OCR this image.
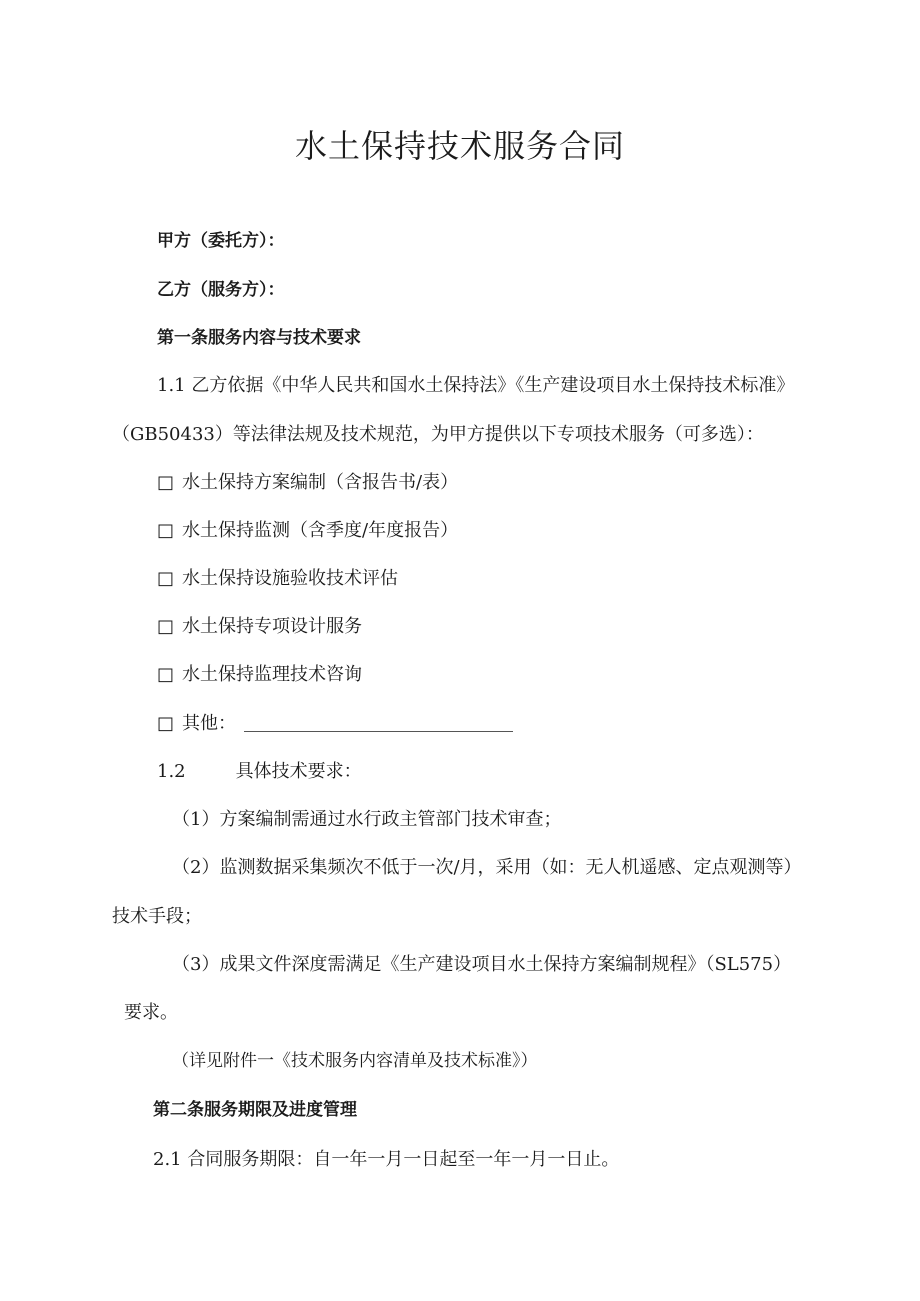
水土保持技术服务合同
甲方（委托方）：
乙方（服务方）：
第一条服务内容与技术要求
1.1 乙方依据《中华人民共和国水土保持法》《生产建设项目水土保持技术标准》
（GB50433）等法律法规及技术规范，为甲方提供以下专项技术服务（可多选）：
□ 水土保持方案编制（含报告书/表）
□ 水土保持监测（含季度/年度报告）
□ 水土保持设施验收技术评估
□ 水土保持专项设计服务
□ 水土保持监理技术咨询
□ 其他：
1.2	具体技术要求：
（1）方案编制需通过水行政主管部门技术审查；
（2）监测数据采集频次不低于一次/月，采用（如：无人机遥感、定点观测等）
技术手段；
（3）成果文件深度需满足《生产建设项目水土保持方案编制规程》（SL575）
要求。
（详见附件一《技术服务内容清单及技术标准》）
第二条服务期限及进度管理
2.1 合同服务期限：自一年一月一日起至一年一月一日止。
